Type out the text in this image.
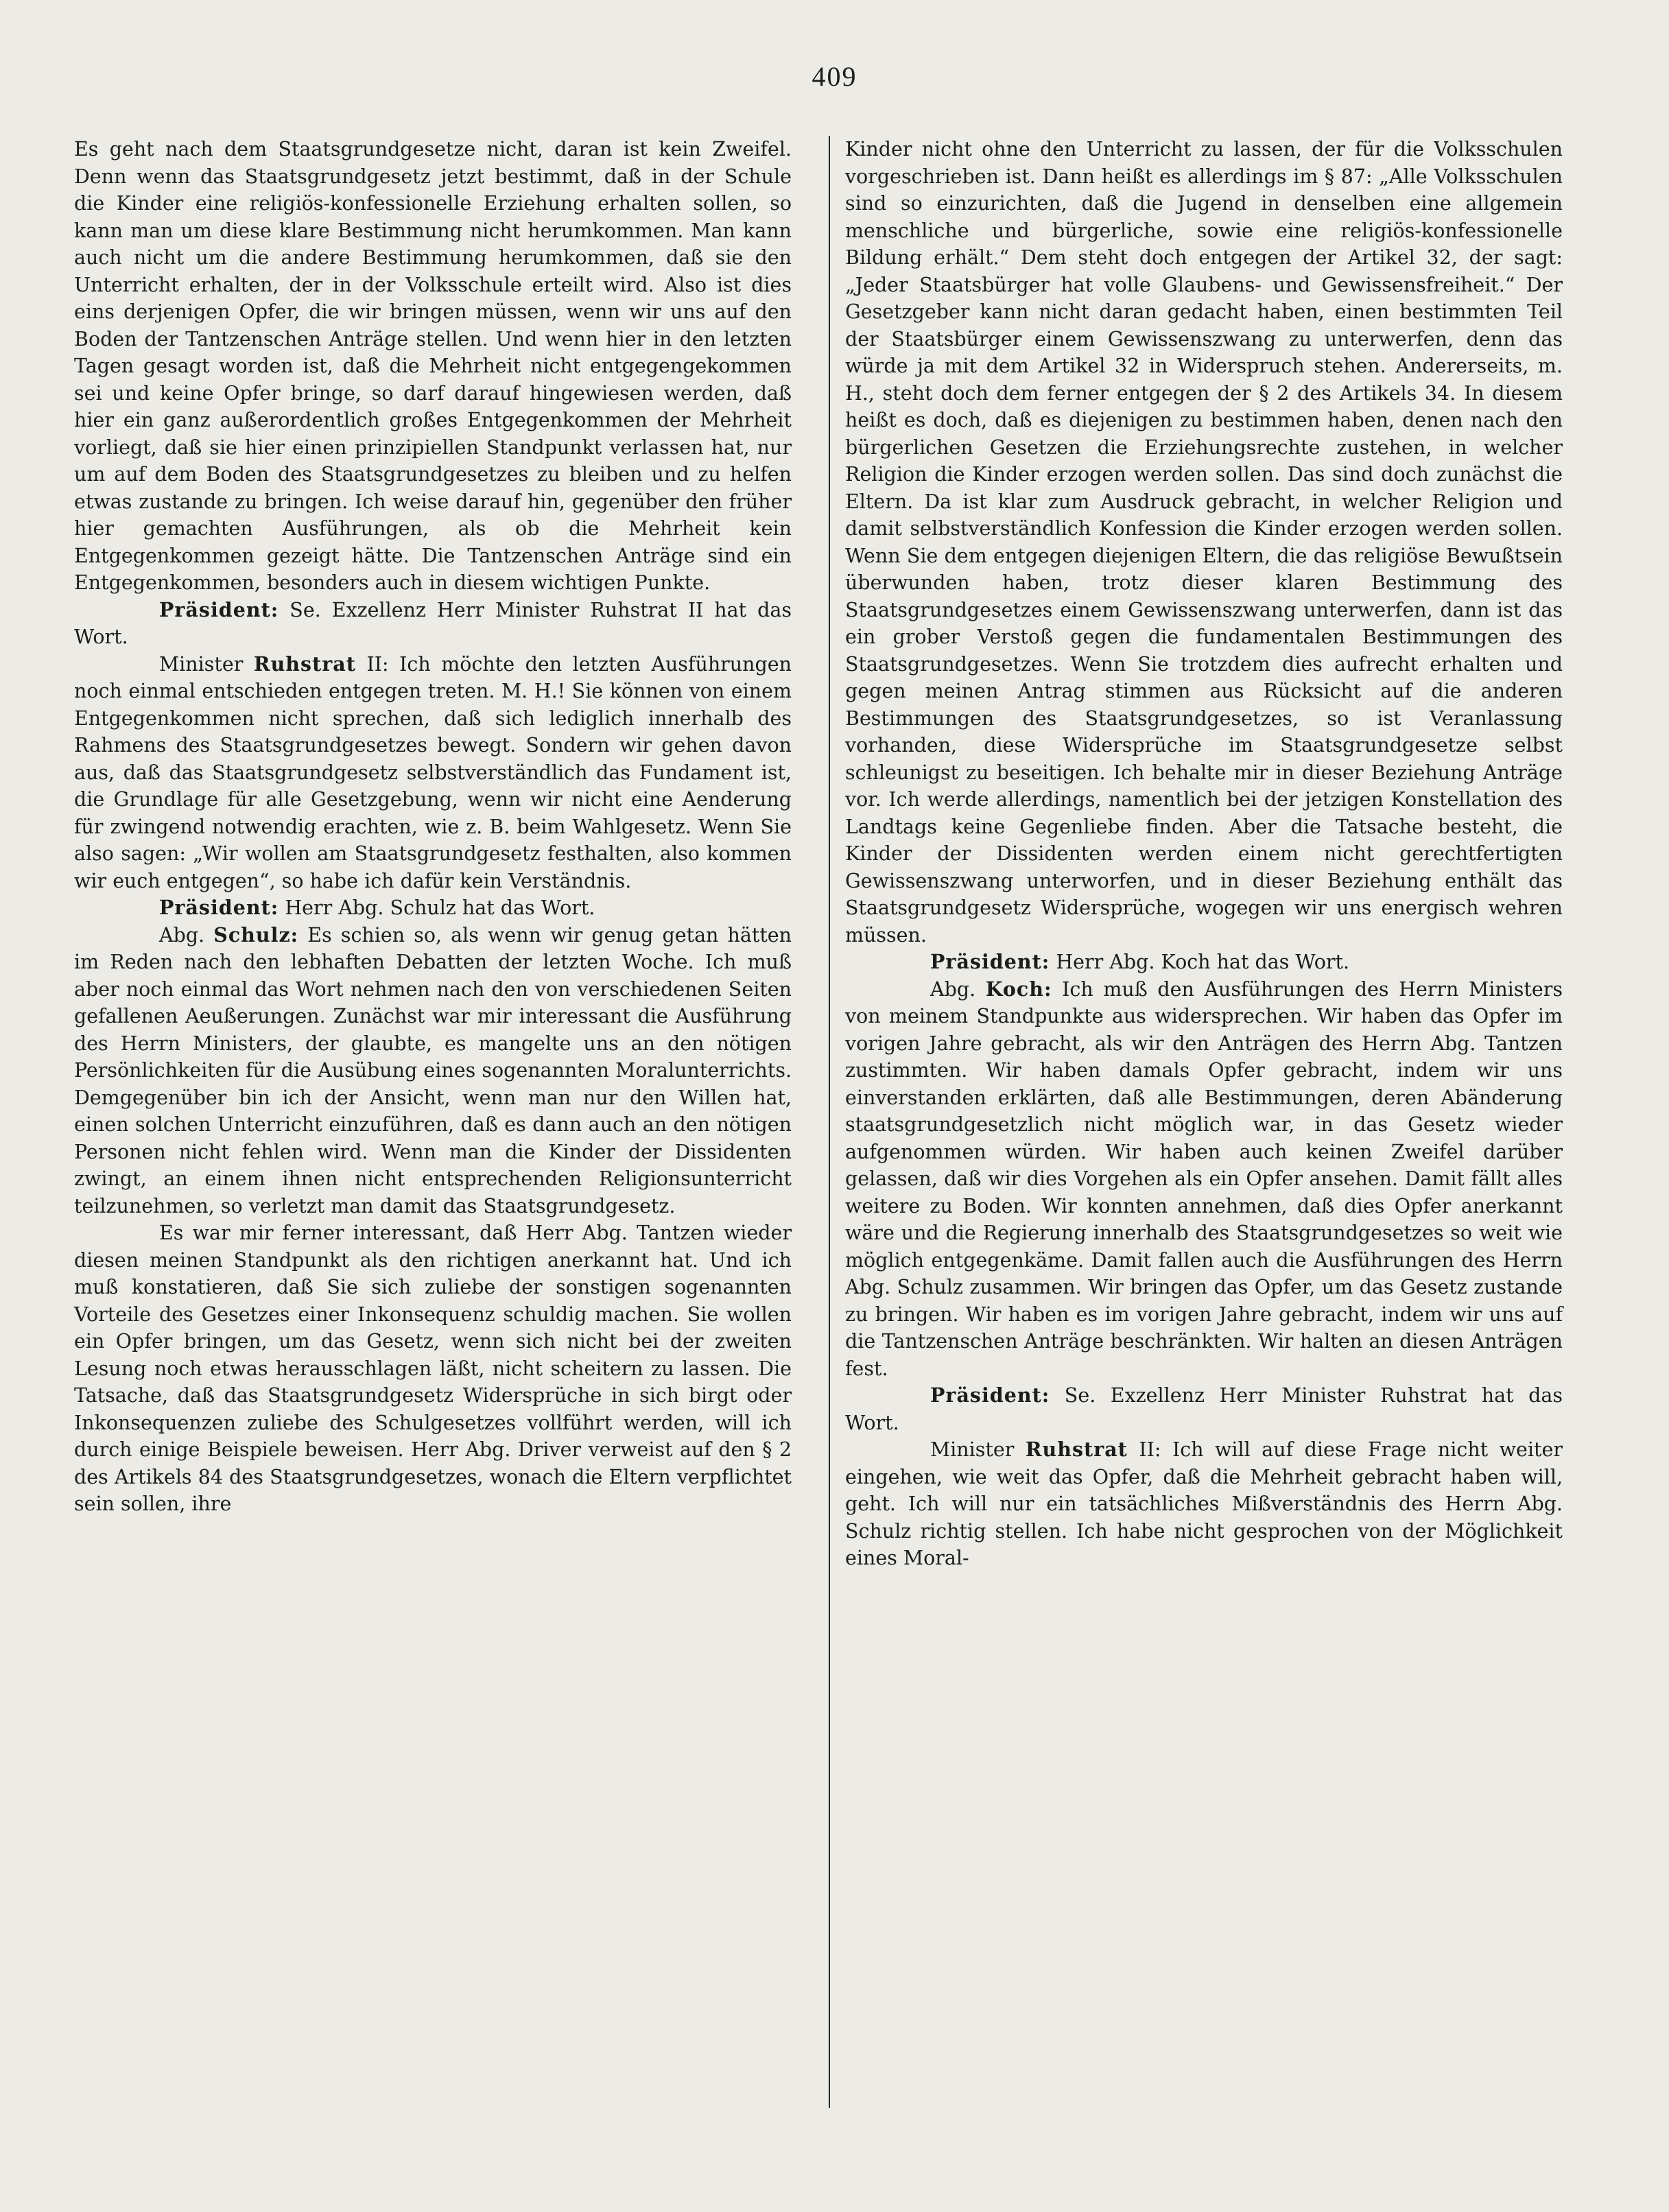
409

Es geht nach dem Staatsgrundgesetze nicht, daran ist kein Zweifel. Denn wenn das Staatsgrundgesetz jetzt bestimmt, daß in der Schule die Kinder eine religiös-konfessionelle Erziehung erhalten sollen, so kann man um diese klare Bestimmung nicht herumkommen. Man kann auch nicht um die andere Bestimmung herumkommen, daß sie den Unterricht erhalten, der in der Volksschule erteilt wird. Also ist dies eins derjenigen Opfer, die wir bringen müssen, wenn wir uns auf den Boden der Tantzenschen Anträge stellen. Und wenn hier in den letzten Tagen gesagt worden ist, daß die Mehrheit nicht entgegengekommen sei und keine Opfer bringe, so darf darauf hingewiesen werden, daß hier ein ganz außerordentlich großes Entgegenkommen der Mehrheit vorliegt, daß sie hier einen prinzipiellen Standpunkt verlassen hat, nur um auf dem Boden des Staatsgrundgesetzes zu bleiben und zu helfen etwas zustande zu bringen. Ich weise darauf hin, gegenüber den früher hier gemachten Ausführungen, als ob die Mehrheit kein Entgegenkommen gezeigt hätte. Die Tantzenschen Anträge sind ein Entgegenkommen, besonders auch in diesem wichtigen Punkte.

Präsident: Se. Exzellenz Herr Minister Ruhstrat II hat das Wort.

Minister Ruhstrat II: Ich möchte den letzten Ausführungen noch einmal entschieden entgegen treten. M. H.! Sie können von einem Entgegenkommen nicht sprechen, daß sich lediglich innerhalb des Rahmens des Staatsgrundgesetzes bewegt. Sondern wir gehen davon aus, daß das Staatsgrundgesetz selbstverständlich das Fundament ist, die Grundlage für alle Gesetzgebung, wenn wir nicht eine Aenderung für zwingend notwendig erachten, wie z. B. beim Wahlgesetz. Wenn Sie also sagen: „Wir wollen am Staatsgrundgesetz festhalten, also kommen wir euch entgegen“, so habe ich dafür kein Verständnis.

Präsident: Herr Abg. Schulz hat das Wort.

Abg. Schulz: Es schien so, als wenn wir genug getan hätten im Reden nach den lebhaften Debatten der letzten Woche. Ich muß aber noch einmal das Wort nehmen nach den von verschiedenen Seiten gefallenen Aeußerungen. Zunächst war mir interessant die Ausführung des Herrn Ministers, der glaubte, es mangelte uns an den nötigen Persönlichkeiten für die Ausübung eines sogenannten Moralunterrichts. Demgegenüber bin ich der Ansicht, wenn man nur den Willen hat, einen solchen Unterricht einzuführen, daß es dann auch an den nötigen Personen nicht fehlen wird. Wenn man die Kinder der Dissidenten zwingt, an einem ihnen nicht entsprechenden Religionsunterricht teilzunehmen, so verletzt man damit das Staatsgrundgesetz.

Es war mir ferner interessant, daß Herr Abg. Tantzen wieder diesen meinen Standpunkt als den richtigen anerkannt hat. Und ich muß konstatieren, daß Sie sich zuliebe der sonstigen sogenannten Vorteile des Gesetzes einer Inkonsequenz schuldig machen. Sie wollen ein Opfer bringen, um das Gesetz, wenn sich nicht bei der zweiten Lesung noch etwas herausschlagen läßt, nicht scheitern zu lassen. Die Tatsache, daß das Staatsgrundgesetz Widersprüche in sich birgt oder Inkonsequenzen zuliebe des Schulgesetzes vollführt werden, will ich durch einige Beispiele beweisen. Herr Abg. Driver verweist auf den § 2 des Artikels 84 des Staatsgrundgesetzes, wonach die Eltern verpflichtet sein sollen, ihre

Kinder nicht ohne den Unterricht zu lassen, der für die Volksschulen vorgeschrieben ist. Dann heißt es allerdings im § 87: „Alle Volksschulen sind so einzurichten, daß die Jugend in denselben eine allgemein menschliche und bürgerliche, sowie eine religiös-konfessionelle Bildung erhält.“ Dem steht doch entgegen der Artikel 32, der sagt: „Jeder Staatsbürger hat volle Glaubens- und Gewissensfreiheit.“ Der Gesetzgeber kann nicht daran gedacht haben, einen bestimmten Teil der Staatsbürger einem Gewissenszwang zu unterwerfen, denn das würde ja mit dem Artikel 32 in Widerspruch stehen. Andererseits, m. H., steht doch dem ferner entgegen der § 2 des Artikels 34. In diesem heißt es doch, daß es diejenigen zu bestimmen haben, denen nach den bürgerlichen Gesetzen die Erziehungsrechte zustehen, in welcher Religion die Kinder erzogen werden sollen. Das sind doch zunächst die Eltern. Da ist klar zum Ausdruck gebracht, in welcher Religion und damit selbstverständlich Konfession die Kinder erzogen werden sollen. Wenn Sie dem entgegen diejenigen Eltern, die das religiöse Bewußtsein überwunden haben, trotz dieser klaren Bestimmung des Staatsgrundgesetzes einem Gewissenszwang unterwerfen, dann ist das ein grober Verstoß gegen die fundamentalen Bestimmungen des Staatsgrundgesetzes. Wenn Sie trotzdem dies aufrecht erhalten und gegen meinen Antrag stimmen aus Rücksicht auf die anderen Bestimmungen des Staatsgrundgesetzes, so ist Veranlassung vorhanden, diese Widersprüche im Staatsgrundgesetze selbst schleunigst zu beseitigen. Ich behalte mir in dieser Beziehung Anträge vor. Ich werde allerdings, namentlich bei der jetzigen Konstellation des Landtags keine Gegenliebe finden. Aber die Tatsache besteht, die Kinder der Dissidenten werden einem nicht gerechtfertigten Gewissenszwang unterworfen, und in dieser Beziehung enthält das Staatsgrundgesetz Widersprüche, wogegen wir uns energisch wehren müssen.

Präsident: Herr Abg. Koch hat das Wort.

Abg. Koch: Ich muß den Ausführungen des Herrn Ministers von meinem Standpunkte aus widersprechen. Wir haben das Opfer im vorigen Jahre gebracht, als wir den Anträgen des Herrn Abg. Tantzen zustimmten. Wir haben damals Opfer gebracht, indem wir uns einverstanden erklärten, daß alle Bestimmungen, deren Abänderung staatsgrundgesetzlich nicht möglich war, in das Gesetz wieder aufgenommen würden. Wir haben auch keinen Zweifel darüber gelassen, daß wir dies Vorgehen als ein Opfer ansehen. Damit fällt alles weitere zu Boden. Wir konnten annehmen, daß dies Opfer anerkannt wäre und die Regierung innerhalb des Staatsgrundgesetzes so weit wie möglich entgegenkäme. Damit fallen auch die Ausführungen des Herrn Abg. Schulz zusammen. Wir bringen das Opfer, um das Gesetz zustande zu bringen. Wir haben es im vorigen Jahre gebracht, indem wir uns auf die Tantzenschen Anträge beschränkten. Wir halten an diesen Anträgen fest.

Präsident: Se. Exzellenz Herr Minister Ruhstrat hat das Wort.

Minister Ruhstrat II: Ich will auf diese Frage nicht weiter eingehen, wie weit das Opfer, daß die Mehrheit gebracht haben will, geht. Ich will nur ein tatsächliches Mißverständnis des Herrn Abg. Schulz richtig stellen. Ich habe nicht gesprochen von der Möglichkeit eines Moral-
